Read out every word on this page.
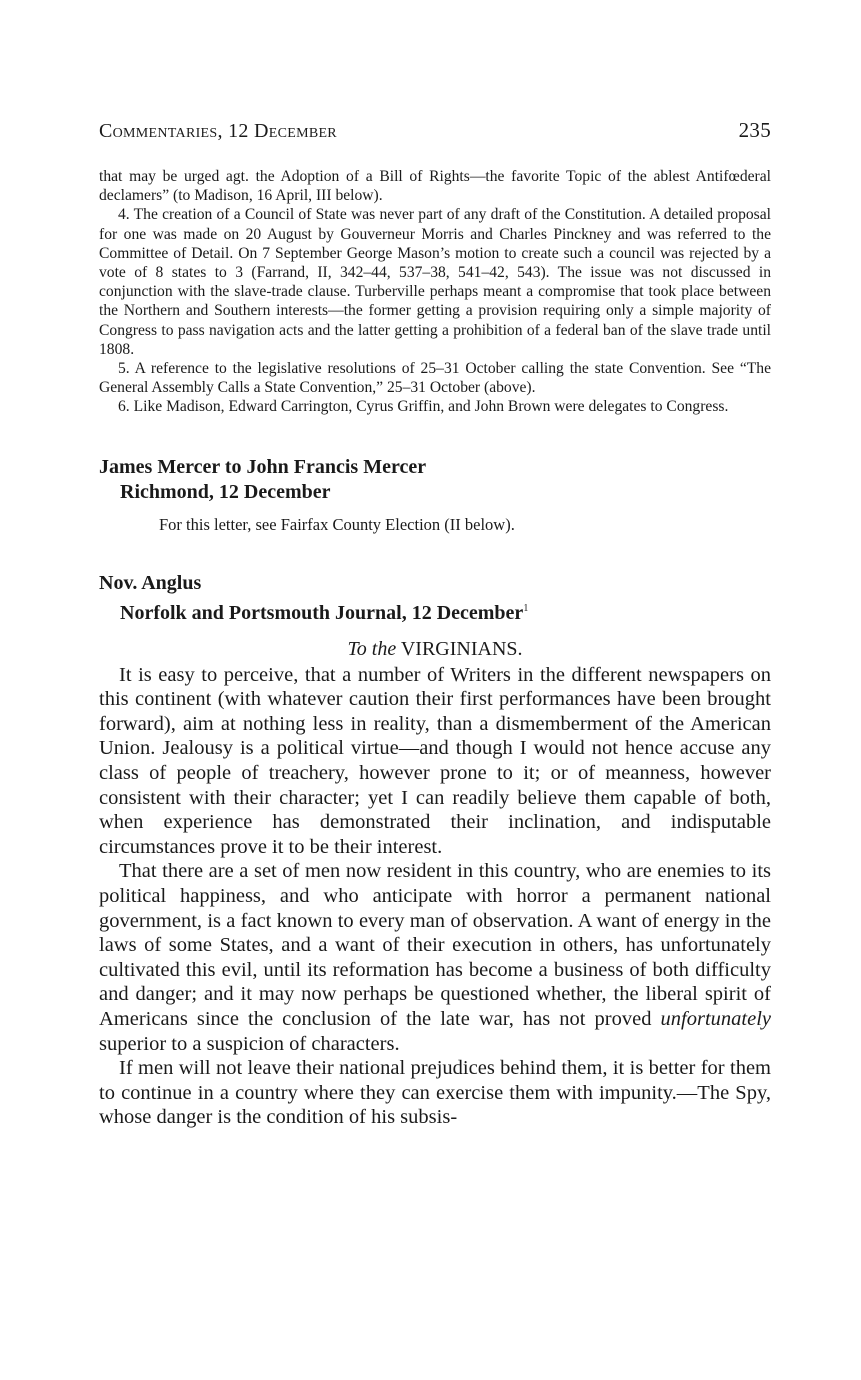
Commentaries, 12 December	235

that may be urged agt. the Adoption of a Bill of Rights—the favorite Topic of the ablest Antifœderal declamers” (to Madison, 16 April, III below).

4. The creation of a Council of State was never part of any draft of the Constitution. A detailed proposal for one was made on 20 August by Gouverneur Morris and Charles Pinckney and was referred to the Committee of Detail. On 7 September George Mason’s motion to create such a council was rejected by a vote of 8 states to 3 (Farrand, II, 342–44, 537–38, 541–42, 543). The issue was not discussed in conjunction with the slave-trade clause. Turberville perhaps meant a compromise that took place between the Northern and Southern interests—the former getting a provision requiring only a simple majority of Congress to pass navigation acts and the latter getting a prohibition of a federal ban of the slave trade until 1808.

5. A reference to the legislative resolutions of 25–31 October calling the state Convention. See “The General Assembly Calls a State Convention,” 25–31 October (above).

6. Like Madison, Edward Carrington, Cyrus Griffin, and John Brown were delegates to Congress.

James Mercer to John Francis Mercer
Richmond, 12 December
For this letter, see Fairfax County Election (II below).
Nov. Anglus
Norfolk and Portsmouth Journal, 12 December$^1$
To the VIRGINIANS.

It is easy to perceive, that a number of Writers in the different newspapers on this continent (with whatever caution their first performances have been brought forward), aim at nothing less in reality, than a dismemberment of the American Union. Jealousy is a political virtue—and though I would not hence accuse any class of people of treachery, however prone to it; or of meanness, however consistent with their character; yet I can readily believe them capable of both, when experience has demonstrated their inclination, and indisputable circumstances prove it to be their interest.

That there are a set of men now resident in this country, who are enemies to its political happiness, and who anticipate with horror a permanent national government, is a fact known to every man of observation. A want of energy in the laws of some States, and a want of their execution in others, has unfortunately cultivated this evil, until its reformation has become a business of both difficulty and danger; and it may now perhaps be questioned whether, the liberal spirit of Americans since the conclusion of the late war, has not proved unfortunately superior to a suspicion of characters.

If men will not leave their national prejudices behind them, it is better for them to continue in a country where they can exercise them with impunity.—The Spy, whose danger is the condition of his subsis-
